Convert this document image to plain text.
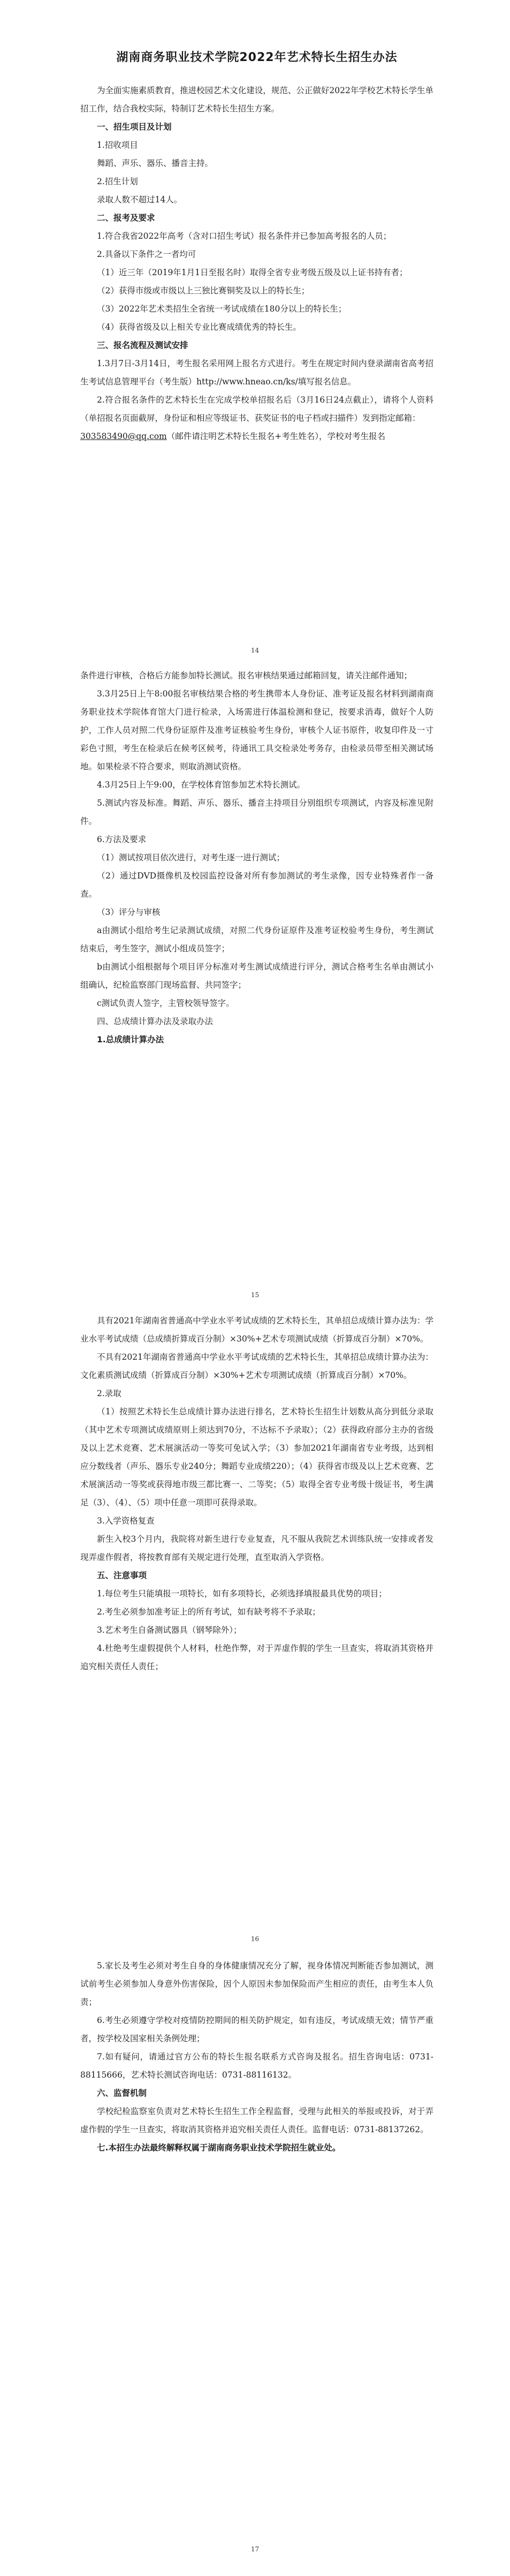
湖南商务职业技术学院2022年艺术特长生招生办法

为全面实施素质教育，推进校园艺术文化建设，规范、公正做好2022年学校艺术特长学生单招工作，结合我校实际，特制订艺术特长生招生方案。

一、招生项目及计划

1.招收项目

舞蹈、声乐、器乐、播音主持。

2.招生计划

录取人数不超过14人。

二、报考及要求

1.符合我省2022年高考（含对口招生考试）报名条件并已参加高考报名的人员；

2.具备以下条件之一者均可

（1）近三年（2019年1月1日至报名时）取得全省专业考级五级及以上证书持有者；

（2）获得市级或市级以上三独比赛铜奖及以上的特长生；

（3）2022年艺术类招生全省统一考试成绩在180分以上的特长生；

（4）获得省级及以上相关专业比赛成绩优秀的特长生。

三、报名流程及测试安排

1.3月7日-3月14日，考生报名采用网上报名方式进行。考生在规定时间内登录湖南省高考招生考试信息管理平台（考生版）http://www.hneao.cn/ks/填写报名信息。

2.符合报名条件的艺术特长生在完成学校单招报名后（3月16日24点截止），请将个人资料（单招报名页面截屏，身份证和相应等级证书、获奖证书的电子档或扫描件）发到指定邮箱：

303583490@qq.com（邮件请注明艺术特长生报名+考生姓名），学校对考生报名

14

条件进行审核，合格后方能参加特长测试。报名审核结果通过邮箱回复，请关注邮件通知；

3.3月25日上午8:00报名审核结果合格的考生携带本人身份证、准考证及报名材料到湖南商务职业技术学院体育馆大门进行检录，入场需进行体温检测和登记，按要求消毒，做好个人防护，工作人员对照二代身份证原件及准考证核验考生身份，审核个人证书原件，收复印件及一寸彩色寸照，考生在检录后在候考区候考，待通讯工具交检录处考务存，由检录员带至相关测试场地。如果检录不符合要求，则取消测试资格。

4.3月25日上午9:00，在学校体育馆参加艺术特长测试。

5.测试内容及标准。舞蹈、声乐、器乐、播音主持项目分别组织专项测试，内容及标准见附件。

6.方法及要求

（1）测试按项目依次进行，对考生逐一进行测试；

（2）通过DVD摄像机及校园监控设备对所有参加测试的考生录像，因专业特殊者作一备查。

（3）评分与审核

a由测试小组给考生记录测试成绩，对照二代身份证原件及准考证校验考生身份，考生测试结束后，考生签字，测试小组成员签字；

b由测试小组根据每个项目评分标准对考生测试成绩进行评分，测试合格考生名单由测试小组确认，纪检监察部门现场监督、共同签字；

c测试负责人签字，主管校领导签字。

四、总成绩计算办法及录取办法

1.总成绩计算办法

15

具有2021年湖南省普通高中学业水平考试成绩的艺术特长生，其单招总成绩计算办法为：学业水平考试成绩（总成绩折算成百分制）×30%+艺术专项测试成绩（折算成百分制）×70%。

不具有2021年湖南省普通高中学业水平考试成绩的艺术特长生，其单招总成绩计算办法为：文化素质测试成绩（折算成百分制）×30%+艺术专项测试成绩（折算成百分制）×70%。

2.录取

（1）按照艺术特长生总成绩计算办法进行排名，艺术特长生招生计划数从高分到低分录取（其中艺术专项测试成绩原则上须达到70分，不达标不予录取）；（2）获得政府部分主办的省级及以上艺术竞赛、艺术展演活动一等奖可免试入学；（3）参加2021年湖南省专业考级，达到相应分数线者（声乐、器乐专业240分；舞蹈专业成绩220）；（4）获得省市级及以上艺术竞赛、艺术展演活动一等奖或获得地市级三都比赛一、二等奖；（5）取得全省专业考级十级证书，考生满足（3）、（4）、（5）项中任意一项即可获得录取。

3.入学资格复查

新生入校3个月内，我院将对新生进行专业复查，凡不服从我院艺术训练队统一安排或者发现弄虚作假者，将按教育部有关规定进行处理，直至取消入学资格。

五、注意事项

1.每位考生只能填报一项特长，如有多项特长，必须选择填报最具优势的项目；

2.考生必须参加准考证上的所有考试，如有缺考将不予录取；

3.艺术考生自备测试器具（钢琴除外）；

4.杜绝考生虚假提供个人材料，杜绝作弊，对于弄虚作假的学生一旦查实，将取消其资格并追究相关责任人责任；

16

5.家长及考生必须对考生自身的身体健康情况充分了解，视身体情况判断能否参加测试，测试前考生必须参加人身意外伤害保险，因个人原因未参加保险而产生相应的责任，由考生本人负责；

6.考生必须遵守学校对疫情防控期间的相关防护规定，如有违反，考试成绩无效；情节严重者，按学校及国家相关条例处理；

7.如有疑问，请通过官方公布的特长生报名联系方式咨询及报名。招生咨询电话：0731-88115666，艺术特长测试咨询电话：0731-88116132。

六、监督机制

学校纪检监察室负责对艺术特长生招生工作全程监督，受理与此相关的举报或投诉，对于弄虚作假的学生一旦查实，将取消其资格并追究相关责任人责任。监督电话：0731-88137262。

七.本招生办法最终解释权属于湖南商务职业技术学院招生就业处。

17
